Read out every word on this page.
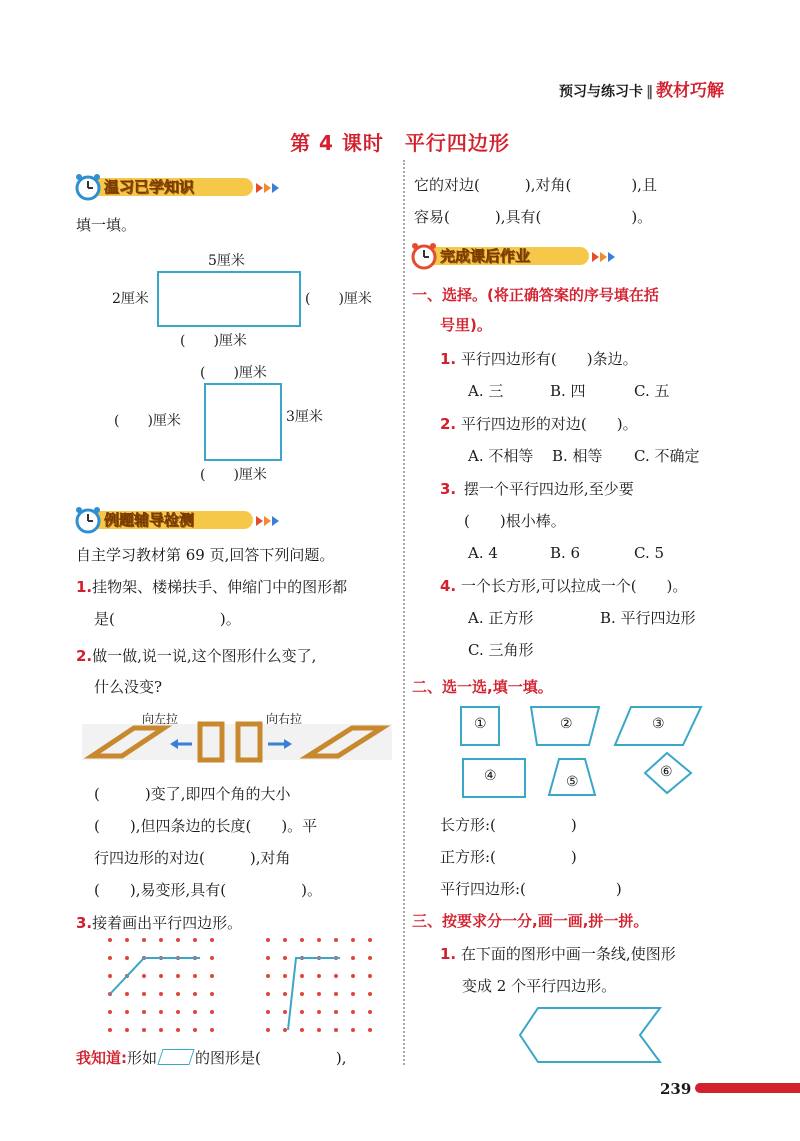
预习与练习卡 ‖ 教材巧解
第 4 课时　平行四边形
温习已学知识
填一填。
5厘米
2厘米	(　　)厘米
(　　)厘米
(　　)厘米
(　　)厘米	3厘米
(　　)厘米
例题辅导检测
自主学习教材第 69 页,回答下列问题。
1.挂物架、楼梯扶手、伸缩门中的图形都
是(　　　　　　　)。
2.做一做,说一说,这个图形什么变了,
什么没变?
向左拉	向右拉
(　　　)变了,即四个角的大小
(　　),但四条边的长度(　　)。平
行四边形的对边(　　　),对角
(　　),易变形,具有(　　　　　)。
3.接着画出平行四边形。
我知道:形如	的图形是(　　　　　),
它的对边(　　　),对角(　　　　),且
容易(　　　),具有(　　　　　　)。
完成课后作业
一、选择。(将正确答案的序号填在括
号里)。
1. 平行四边形有(　　)条边。
A. 三	B. 四	C. 五
2. 平行四边形的对边(　　)。
A. 不相等 B. 相等 C. 不确定
3. 摆一个平行四边形,至少要
(　　)根小棒。
A. 4	B. 6	C. 5
4. 一个长方形,可以拉成一个(　　)。
A. 正方形	B. 平行四边形
C. 三角形
二、选一选,填一填。
①	②	③
④	⑤
⑥
长方形:(　　　　　)
正方形:(　　　　　)
平行四边形:(　　　　　　)
三、按要求分一分,画一画,拼一拼。
1. 在下面的图形中画一条线,使图形
变成 2 个平行四边形。
239
